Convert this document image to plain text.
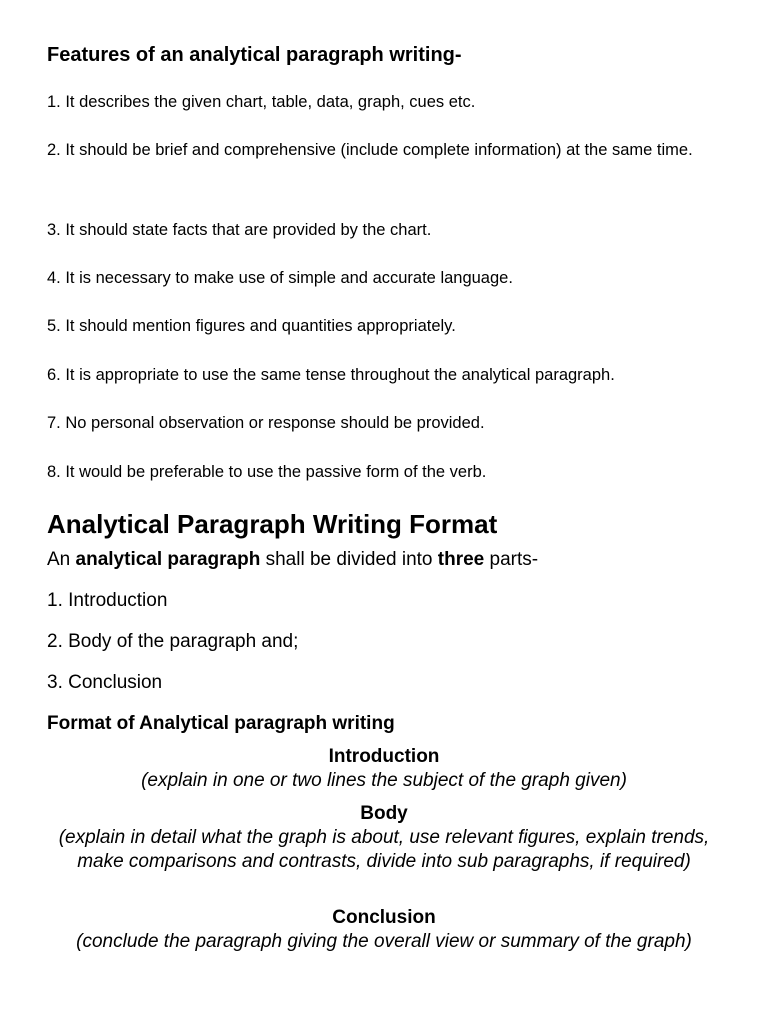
Features of an analytical paragraph writing-
1. It describes the given chart, table, data, graph, cues etc.
2. It should be brief and comprehensive (include complete information) at the same time.
3. It should state facts that are provided by the chart.
4. It is necessary to make use of simple and accurate language.
5. It should mention figures and quantities appropriately.
6. It is appropriate to use the same tense throughout the analytical paragraph.
7. No personal observation or response should be provided.
8. It would be preferable to use the passive form of the verb.
Analytical Paragraph Writing Format
An analytical paragraph shall be divided into three parts-
1. Introduction
2. Body of the paragraph and;
3. Conclusion
Format of Analytical paragraph writing
Introduction
(explain in one or two lines the subject of the graph given)
Body
(explain in detail what the graph is about, use relevant figures, explain trends, make comparisons and contrasts, divide into sub paragraphs, if required)
Conclusion
(conclude the paragraph giving the overall view or summary of the graph)
